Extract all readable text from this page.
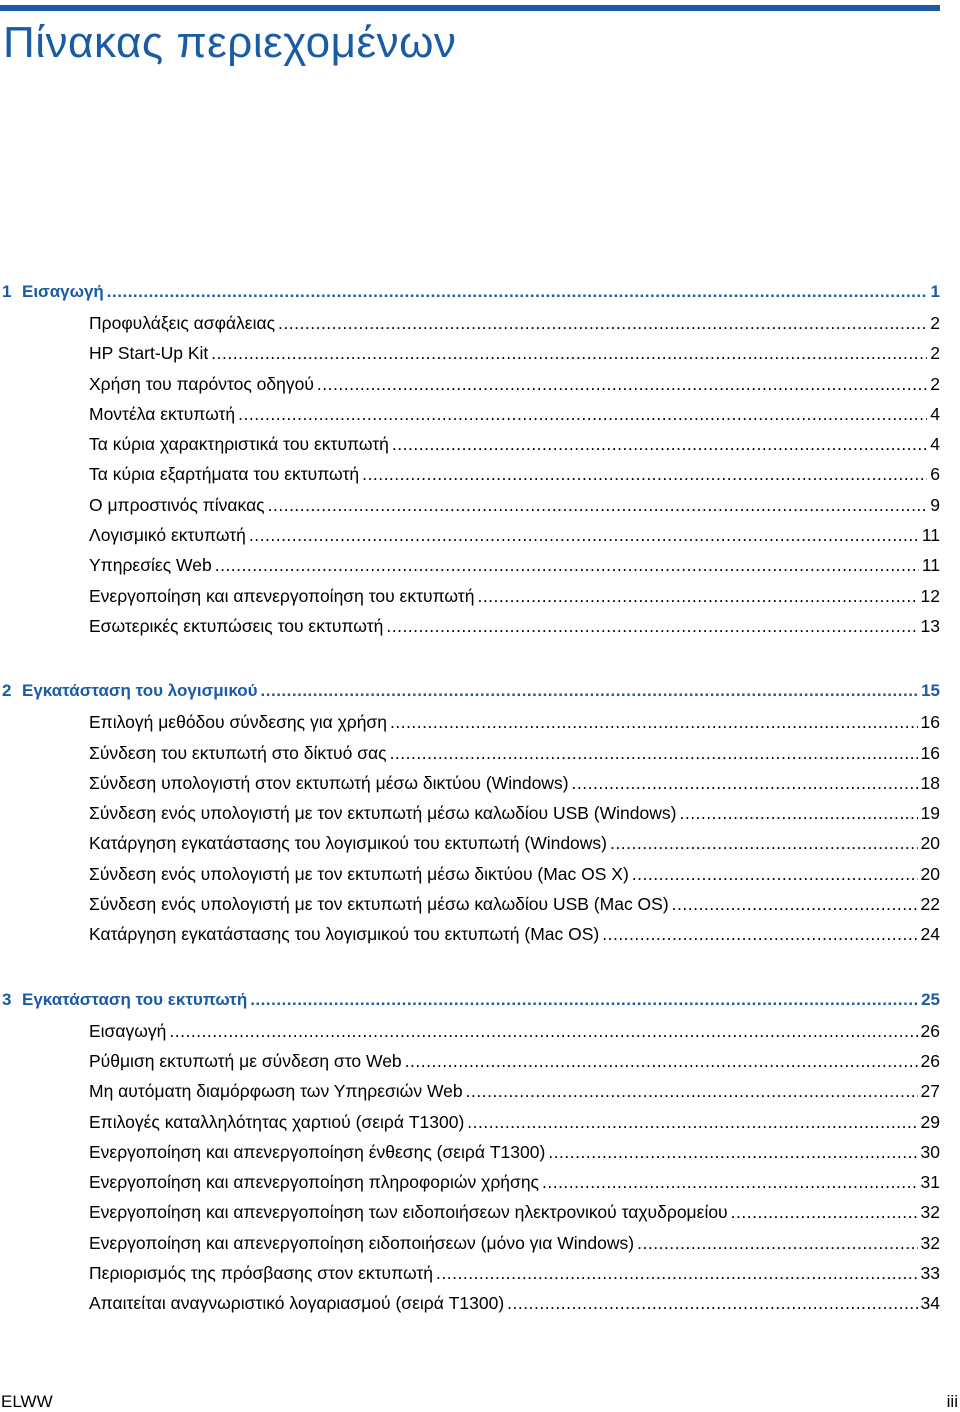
Πίνακας περιεχομένων
1 Εισαγωγή .....	1
Προφυλάξεις ασφάλειας .....	2
HP Start-Up Kit .....	2
Χρήση του παρόντος οδηγού .....	2
Μοντέλα εκτυπωτή .....	4
Τα κύρια χαρακτηριστικά του εκτυπωτή .....	4
Τα κύρια εξαρτήματα του εκτυπωτή .....	6
Ο μπροστινός πίνακας .....	9
Λογισμικό εκτυπωτή .....	11
Υπηρεσίες Web .....	11
Ενεργοποίηση και απενεργοποίηση του εκτυπωτή .....	12
Εσωτερικές εκτυπώσεις του εκτυπωτή .....	13
2 Εγκατάσταση του λογισμικού .....	15
Επιλογή μεθόδου σύνδεσης για χρήση .....	16
Σύνδεση του εκτυπωτή στο δίκτυό σας .....	16
Σύνδεση υπολογιστή στον εκτυπωτή μέσω δικτύου (Windows) .....	18
Σύνδεση ενός υπολογιστή με τον εκτυπωτή μέσω καλωδίου USB (Windows) .....	19
Κατάργηση εγκατάστασης του λογισμικού του εκτυπωτή (Windows) .....	20
Σύνδεση ενός υπολογιστή με τον εκτυπωτή μέσω δικτύου (Mac OS X) .....	20
Σύνδεση ενός υπολογιστή με τον εκτυπωτή μέσω καλωδίου USB (Mac OS) .....	22
Κατάργηση εγκατάστασης του λογισμικού του εκτυπωτή (Mac OS) .....	24
3 Εγκατάσταση του εκτυπωτή .....	25
Εισαγωγή .....	26
Ρύθμιση εκτυπωτή με σύνδεση στο Web .....	26
Μη αυτόματη διαμόρφωση των Υπηρεσιών Web .....	27
Επιλογές καταλληλότητας χαρτιού (σειρά T1300) .....	29
Ενεργοποίηση και απενεργοποίηση ένθεσης (σειρά T1300) .....	30
Ενεργοποίηση και απενεργοποίηση πληροφοριών χρήσης .....	31
Ενεργοποίηση και απενεργοποίηση των ειδοποιήσεων ηλεκτρονικού ταχυδρομείου .....	32
Ενεργοποίηση και απενεργοποίηση ειδοποιήσεων (μόνο για Windows) .....	32
Περιορισμός της πρόσβασης στον εκτυπωτή .....	33
Απαιτείται αναγνωριστικό λογαριασμού (σειρά T1300) .....	34
ELWW	iii
